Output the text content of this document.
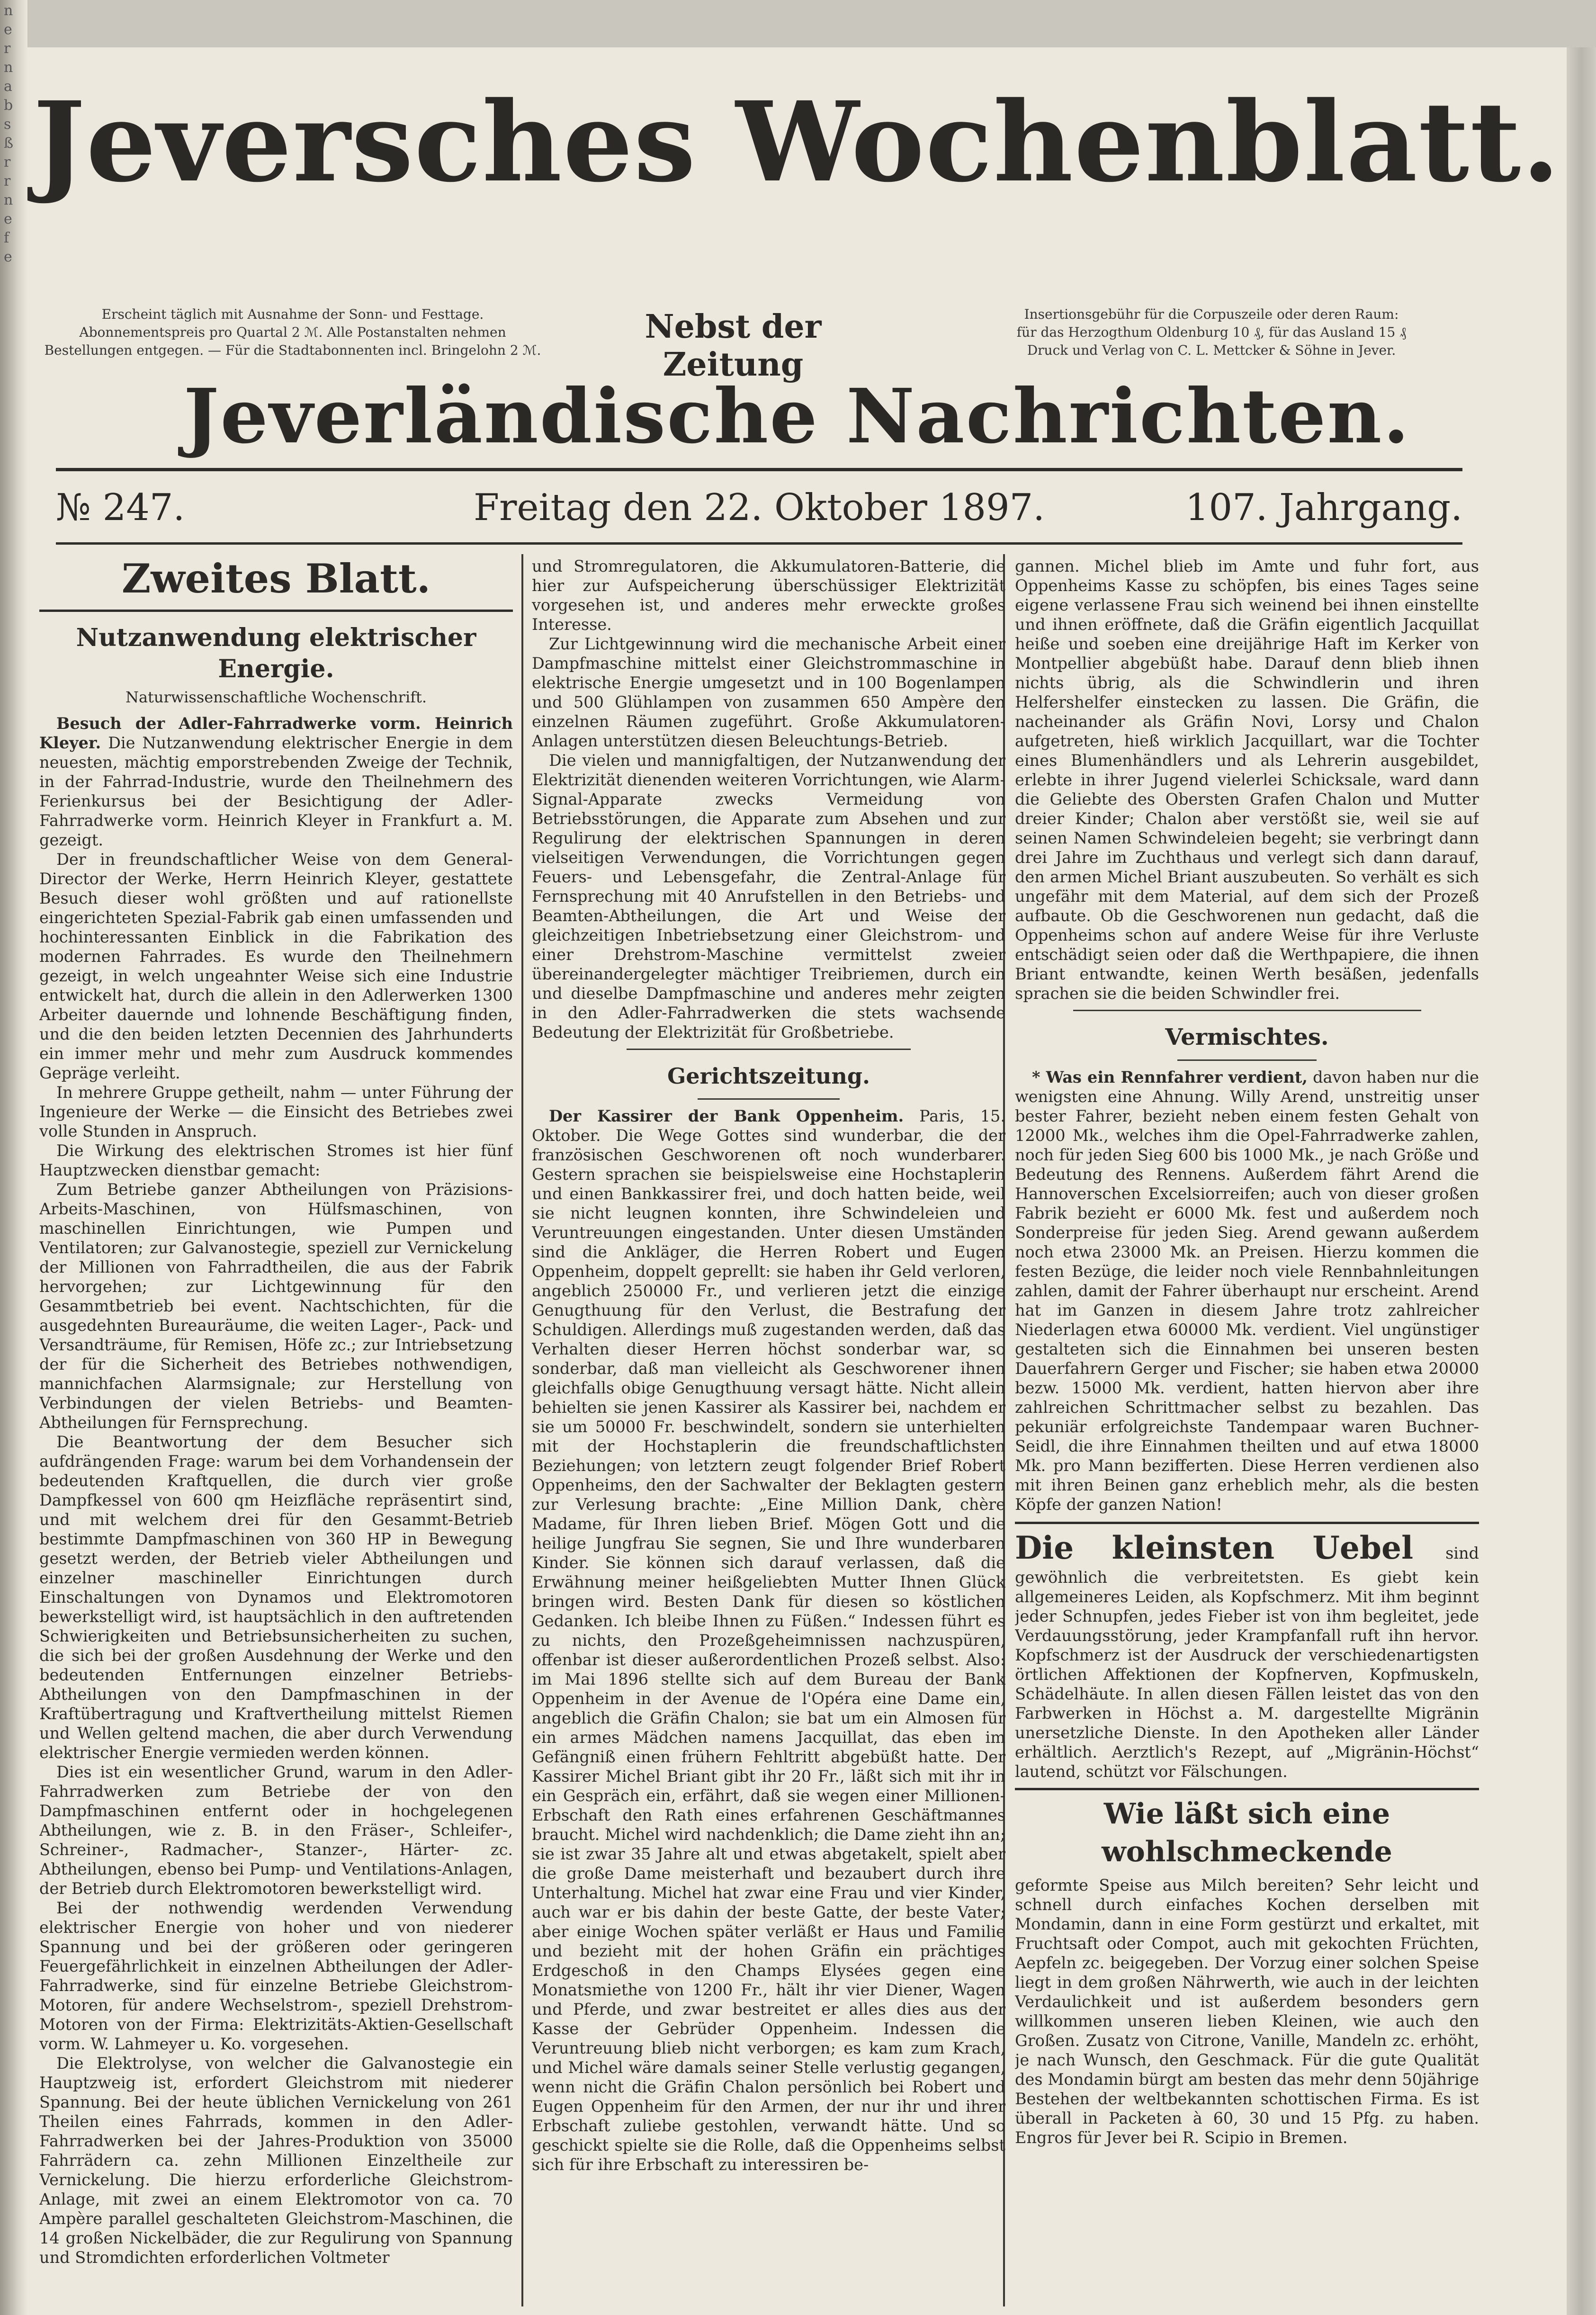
n
e
r
n
a
b
s
ß
r
r
n
e
f
e
Jeversches Wochenblatt.
Erscheint täglich mit Ausnahme der Sonn- und Festtage.
Abonnementspreis pro Quartal 2 ℳ. Alle Postanstalten nehmen
Bestellungen entgegen. — Für die Stadtabonnenten incl. Bringelohn 2 ℳ.
Nebst der Zeitung
Insertionsgebühr für die Corpuszeile oder deren Raum:
für das Herzogthum Oldenburg 10 ₰, für das Ausland 15 ₰
Druck und Verlag von C. L. Mettcker & Söhne in Jever.
Jeverländische Nachrichten.
№ 247.	Freitag den 22. Oktober 1897.	107. Jahrgang.
Zweites Blatt.
Nutzanwendung elektrischer Energie.
Naturwissenschaftliche Wochenschrift.

Besuch der Adler-Fahrradwerke vorm. Heinrich Kleyer. Die Nutzanwendung elektrischer Energie in dem neuesten, mächtig emporstrebenden Zweige der Technik, in der Fahrrad-Industrie, wurde den Theilnehmern des Ferienkursus bei der Besichtigung der Adler-Fahrradwerke vorm. Heinrich Kleyer in Frankfurt a. M. gezeigt.

Der in freundschaftlicher Weise von dem General-Director der Werke, Herrn Heinrich Kleyer, gestattete Besuch dieser wohl größten und auf rationellste eingerichteten Spezial-Fabrik gab einen umfassenden und hochinteressanten Einblick in die Fabrikation des modernen Fahrrades. Es wurde den Theilnehmern gezeigt, in welch ungeahnter Weise sich eine Industrie entwickelt hat, durch die allein in den Adlerwerken 1300 Arbeiter dauernde und lohnende Beschäftigung finden, und die den beiden letzten Decennien des Jahrhunderts ein immer mehr und mehr zum Ausdruck kommendes Gepräge verleiht.

In mehrere Gruppe getheilt, nahm — unter Führung der Ingenieure der Werke — die Einsicht des Betriebes zwei volle Stunden in Anspruch.

Die Wirkung des elektrischen Stromes ist hier fünf Hauptzwecken dienstbar gemacht:

Zum Betriebe ganzer Abtheilungen von Präzisions-Arbeits-Maschinen, von Hülfsmaschinen, von maschinellen Einrichtungen, wie Pumpen und Ventilatoren; zur Galvanostegie, speziell zur Vernickelung der Millionen von Fahrradtheilen, die aus der Fabrik hervorgehen; zur Lichtgewinnung für den Gesammtbetrieb bei event. Nachtschichten, für die ausgedehnten Bureauräume, die weiten Lager-, Pack- und Versandträume, für Remisen, Höfe zc.; zur Intriebsetzung der für die Sicherheit des Betriebes nothwendigen, mannichfachen Alarmsignale; zur Herstellung von Verbindungen der vielen Betriebs- und Beamten-Abtheilungen für Fernsprechung.

Die Beantwortung der dem Besucher sich aufdrängenden Frage: warum bei dem Vorhandensein der bedeutenden Kraftquellen, die durch vier große Dampfkessel von 600 qm Heizfläche repräsentirt sind, und mit welchem drei für den Gesammt-Betrieb bestimmte Dampfmaschinen von 360 HP in Bewegung gesetzt werden, der Betrieb vieler Abtheilungen und einzelner maschineller Einrichtungen durch Einschaltungen von Dynamos und Elektromotoren bewerkstelligt wird, ist hauptsächlich in den auftretenden Schwierigkeiten und Betriebsunsicherheiten zu suchen, die sich bei der großen Ausdehnung der Werke und den bedeutenden Entfernungen einzelner Betriebs-Abtheilungen von den Dampfmaschinen in der Kraftübertragung und Kraftvertheilung mittelst Riemen und Wellen geltend machen, die aber durch Verwendung elektrischer Energie vermieden werden können.

Dies ist ein wesentlicher Grund, warum in den Adler-Fahrradwerken zum Betriebe der von den Dampfmaschinen entfernt oder in hochgelegenen Abtheilungen, wie z. B. in den Fräser-, Schleifer-, Schreiner-, Radmacher-, Stanzer-, Härter- zc. Abtheilungen, ebenso bei Pump- und Ventilations-Anlagen, der Betrieb durch Elektromotoren bewerkstelligt wird.

Bei der nothwendig werdenden Verwendung elektrischer Energie von hoher und von niederer Spannung und bei der größeren oder geringeren Feuergefährlichkeit in einzelnen Abtheilungen der Adler-Fahrradwerke, sind für einzelne Betriebe Gleichstrom-Motoren, für andere Wechselstrom-, speziell Drehstrom-Motoren von der Firma: Elektrizitäts-Aktien-Gesellschaft vorm. W. Lahmeyer u. Ko. vorgesehen.

Die Elektrolyse, von welcher die Galvanostegie ein Hauptzweig ist, erfordert Gleichstrom mit niederer Spannung. Bei der heute üblichen Vernickelung von 261 Theilen eines Fahrrads, kommen in den Adler-Fahrradwerken bei der Jahres-Produktion von 35000 Fahrrädern ca. zehn Millionen Einzeltheile zur Vernickelung. Die hierzu erforderliche Gleichstrom-Anlage, mit zwei an einem Elektromotor von ca. 70 Ampère parallel geschalteten Gleichstrom-Maschinen, die 14 großen Nickelbäder, die zur Regulirung von Spannung und Stromdichten erforderlichen Voltmeter

und Stromregulatoren, die Akkumulatoren-Batterie, die hier zur Aufspeicherung überschüssiger Elektrizität vorgesehen ist, und anderes mehr erweckte großes Interesse.

Zur Lichtgewinnung wird die mechanische Arbeit einer Dampfmaschine mittelst einer Gleichstrommaschine in elektrische Energie umgesetzt und in 100 Bogenlampen und 500 Glühlampen von zusammen 650 Ampère den einzelnen Räumen zugeführt. Große Akkumulatoren-Anlagen unterstützen diesen Beleuchtungs-Betrieb.

Die vielen und mannigfaltigen, der Nutzanwendung der Elektrizität dienenden weiteren Vorrichtungen, wie Alarm-Signal-Apparate zwecks Vermeidung von Betriebsstörungen, die Apparate zum Absehen und zur Regulirung der elektrischen Spannungen in deren vielseitigen Verwendungen, die Vorrichtungen gegen Feuers- und Lebensgefahr, die Zentral-Anlage für Fernsprechung mit 40 Anrufstellen in den Betriebs- und Beamten-Abtheilungen, die Art und Weise der gleichzeitigen Inbetriebsetzung einer Gleichstrom- und einer Drehstrom-Maschine vermittelst zweier übereinandergelegter mächtiger Treibriemen, durch ein und dieselbe Dampfmaschine und anderes mehr zeigten in den Adler-Fahrradwerken die stets wachsende Bedeutung der Elektrizität für Großbetriebe.

Gerichtszeitung.

Der Kassirer der Bank Oppenheim. Paris, 15. Oktober. Die Wege Gottes sind wunderbar, die der französischen Geschworenen oft noch wunderbarer. Gestern sprachen sie beispielsweise eine Hochstaplerin und einen Bankkassirer frei, und doch hatten beide, weil sie nicht leugnen konnten, ihre Schwindeleien und Veruntreuungen eingestanden. Unter diesen Umständen sind die Ankläger, die Herren Robert und Eugen Oppenheim, doppelt geprellt: sie haben ihr Geld verloren, angeblich 250000 Fr., und verlieren jetzt die einzige Genugthuung für den Verlust, die Bestrafung der Schuldigen. Allerdings muß zugestanden werden, daß das Verhalten dieser Herren höchst sonderbar war, so sonderbar, daß man vielleicht als Geschworener ihnen gleichfalls obige Genugthuung versagt hätte. Nicht allein behielten sie jenen Kassirer als Kassirer bei, nachdem er sie um 50000 Fr. beschwindelt, sondern sie unterhielten mit der Hochstaplerin die freundschaftlichsten Beziehungen; von letztern zeugt folgender Brief Robert Oppenheims, den der Sachwalter der Beklagten gestern zur Verlesung brachte: „Eine Million Dank, chère Madame, für Ihren lieben Brief. Mögen Gott und die heilige Jungfrau Sie segnen, Sie und Ihre wunderbaren Kinder. Sie können sich darauf verlassen, daß die Erwähnung meiner heißgeliebten Mutter Ihnen Glück bringen wird. Besten Dank für diesen so köstlichen Gedanken. Ich bleibe Ihnen zu Füßen.“ Indessen führt es zu nichts, den Prozeßgeheimnissen nachzuspüren, offenbar ist dieser außerordentlichen Prozeß selbst. Also: im Mai 1896 stellte sich auf dem Bureau der Bank Oppenheim in der Avenue de l'Opéra eine Dame ein, angeblich die Gräfin Chalon; sie bat um ein Almosen für ein armes Mädchen namens Jacquillat, das eben im Gefängniß einen frühern Fehltritt abgebüßt hatte. Der Kassirer Michel Briant gibt ihr 20 Fr., läßt sich mit ihr in ein Gespräch ein, erfährt, daß sie wegen einer Millionen-Erbschaft den Rath eines erfahrenen Geschäftmannes braucht. Michel wird nachdenklich; die Dame zieht ihn an; sie ist zwar 35 Jahre alt und etwas abgetakelt, spielt aber die große Dame meisterhaft und bezaubert durch ihre Unterhaltung. Michel hat zwar eine Frau und vier Kinder, auch war er bis dahin der beste Gatte, der beste Vater; aber einige Wochen später verläßt er Haus und Familie und bezieht mit der hohen Gräfin ein prächtiges Erdgeschoß in den Champs Elysées gegen eine Monatsmiethe von 1200 Fr., hält ihr vier Diener, Wagen und Pferde, und zwar bestreitet er alles dies aus der Kasse der Gebrüder Oppenheim. Indessen die Veruntreuung blieb nicht verborgen; es kam zum Krach, und Michel wäre damals seiner Stelle verlustig gegangen, wenn nicht die Gräfin Chalon persönlich bei Robert und Eugen Oppenheim für den Armen, der nur ihr und ihrer Erbschaft zuliebe gestohlen, verwandt hätte. Und so geschickt spielte sie die Rolle, daß die Oppenheims selbst sich für ihre Erbschaft zu interessiren be-

gannen. Michel blieb im Amte und fuhr fort, aus Oppenheims Kasse zu schöpfen, bis eines Tages seine eigene verlassene Frau sich weinend bei ihnen einstellte und ihnen eröffnete, daß die Gräfin eigentlich Jacquillat heiße und soeben eine dreijährige Haft im Kerker von Montpellier abgebüßt habe. Darauf denn blieb ihnen nichts übrig, als die Schwindlerin und ihren Helfershelfer einstecken zu lassen. Die Gräfin, die nacheinander als Gräfin Novi, Lorsy und Chalon aufgetreten, hieß wirklich Jacquillart, war die Tochter eines Blumenhändlers und als Lehrerin ausgebildet, erlebte in ihrer Jugend vielerlei Schicksale, ward dann die Geliebte des Obersten Grafen Chalon und Mutter dreier Kinder; Chalon aber verstößt sie, weil sie auf seinen Namen Schwindeleien begeht; sie verbringt dann drei Jahre im Zuchthaus und verlegt sich dann darauf, den armen Michel Briant auszubeuten. So verhält es sich ungefähr mit dem Material, auf dem sich der Prozeß aufbaute. Ob die Geschworenen nun gedacht, daß die Oppenheims schon auf andere Weise für ihre Verluste entschädigt seien oder daß die Werthpapiere, die ihnen Briant entwandte, keinen Werth besäßen, jedenfalls sprachen sie die beiden Schwindler frei.

Vermischtes.

* Was ein Rennfahrer verdient, davon haben nur die wenigsten eine Ahnung. Willy Arend, unstreitig unser bester Fahrer, bezieht neben einem festen Gehalt von 12000 Mk., welches ihm die Opel-Fahrradwerke zahlen, noch für jeden Sieg 600 bis 1000 Mk., je nach Größe und Bedeutung des Rennens. Außerdem fährt Arend die Hannoverschen Excelsiorreifen; auch von dieser großen Fabrik bezieht er 6000 Mk. fest und außerdem noch Sonderpreise für jeden Sieg. Arend gewann außerdem noch etwa 23000 Mk. an Preisen. Hierzu kommen die festen Bezüge, die leider noch viele Rennbahnleitungen zahlen, damit der Fahrer überhaupt nur erscheint. Arend hat im Ganzen in diesem Jahre trotz zahlreicher Niederlagen etwa 60000 Mk. verdient. Viel ungünstiger gestalteten sich die Einnahmen bei unseren besten Dauerfahrern Gerger und Fischer; sie haben etwa 20000 bezw. 15000 Mk. verdient, hatten hiervon aber ihre zahlreichen Schrittmacher selbst zu bezahlen. Das pekuniär erfolgreichste Tandempaar waren Buchner-Seidl, die ihre Einnahmen theilten und auf etwa 18000 Mk. pro Mann bezifferten. Diese Herren verdienen also mit ihren Beinen ganz erheblich mehr, als die besten Köpfe der ganzen Nation!

Die kleinsten Uebel sind gewöhnlich die verbreitetsten. Es giebt kein allgemeineres Leiden, als Kopfschmerz. Mit ihm beginnt jeder Schnupfen, jedes Fieber ist von ihm begleitet, jede Verdauungsstörung, jeder Krampfanfall ruft ihn hervor. Kopfschmerz ist der Ausdruck der verschiedenartigsten örtlichen Affektionen der Kopfnerven, Kopfmuskeln, Schädelhäute. In allen diesen Fällen leistet das von den Farbwerken in Höchst a. M. dargestellte Migränin unersetzliche Dienste. In den Apotheken aller Länder erhältlich. Aerztlich's Rezept, auf „Migränin-Höchst“ lautend, schützt vor Fälschungen.

Wie läßt sich eine wohlschmeckende

geformte Speise aus Milch bereiten? Sehr leicht und schnell durch einfaches Kochen derselben mit Mondamin, dann in eine Form gestürzt und erkaltet, mit Fruchtsaft oder Compot, auch mit gekochten Früchten, Aepfeln zc. beigegeben. Der Vorzug einer solchen Speise liegt in dem großen Nährwerth, wie auch in der leichten Verdaulichkeit und ist außerdem besonders gern willkommen unseren lieben Kleinen, wie auch den Großen. Zusatz von Citrone, Vanille, Mandeln zc. erhöht, je nach Wunsch, den Geschmack. Für die gute Qualität des Mondamin bürgt am besten das mehr denn 50jährige Bestehen der weltbekannten schottischen Firma. Es ist überall in Packeten à 60, 30 und 15 Pfg. zu haben. Engros für Jever bei R. Scipio in Bremen.
